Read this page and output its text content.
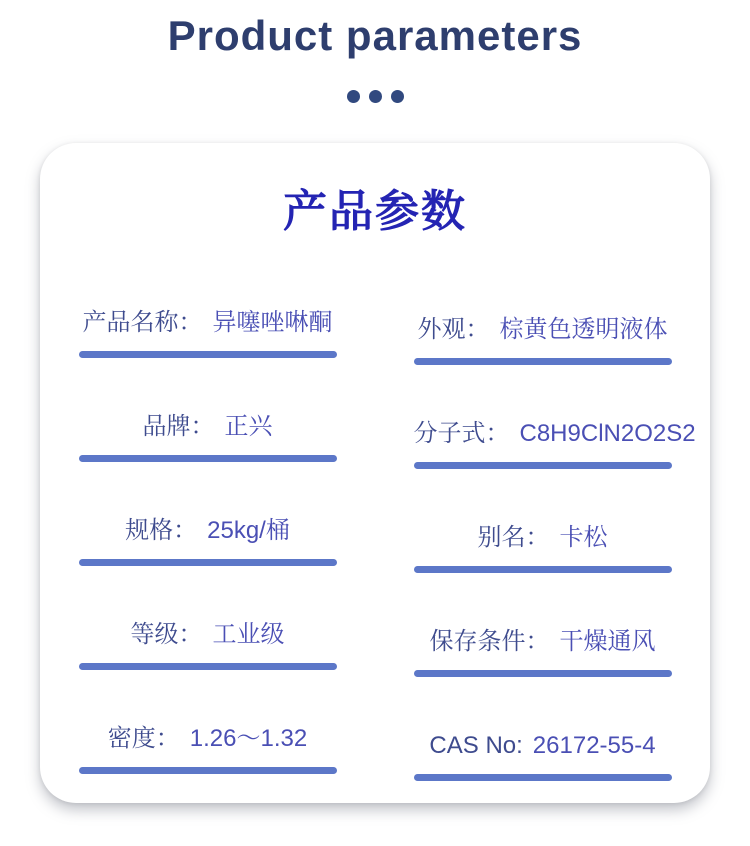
Product parameters
产品参数
产品名称： 异噻唑啉酮	外观： 棕黄色透明液体
品牌： 正兴	分子式： C8H9ClN2O2S2
规格： 25kg/桶	别名： 卡松
等级： 工业级	保存条件： 干燥通风
密度： 1.26～1.32	CAS No: 26172-55-4
